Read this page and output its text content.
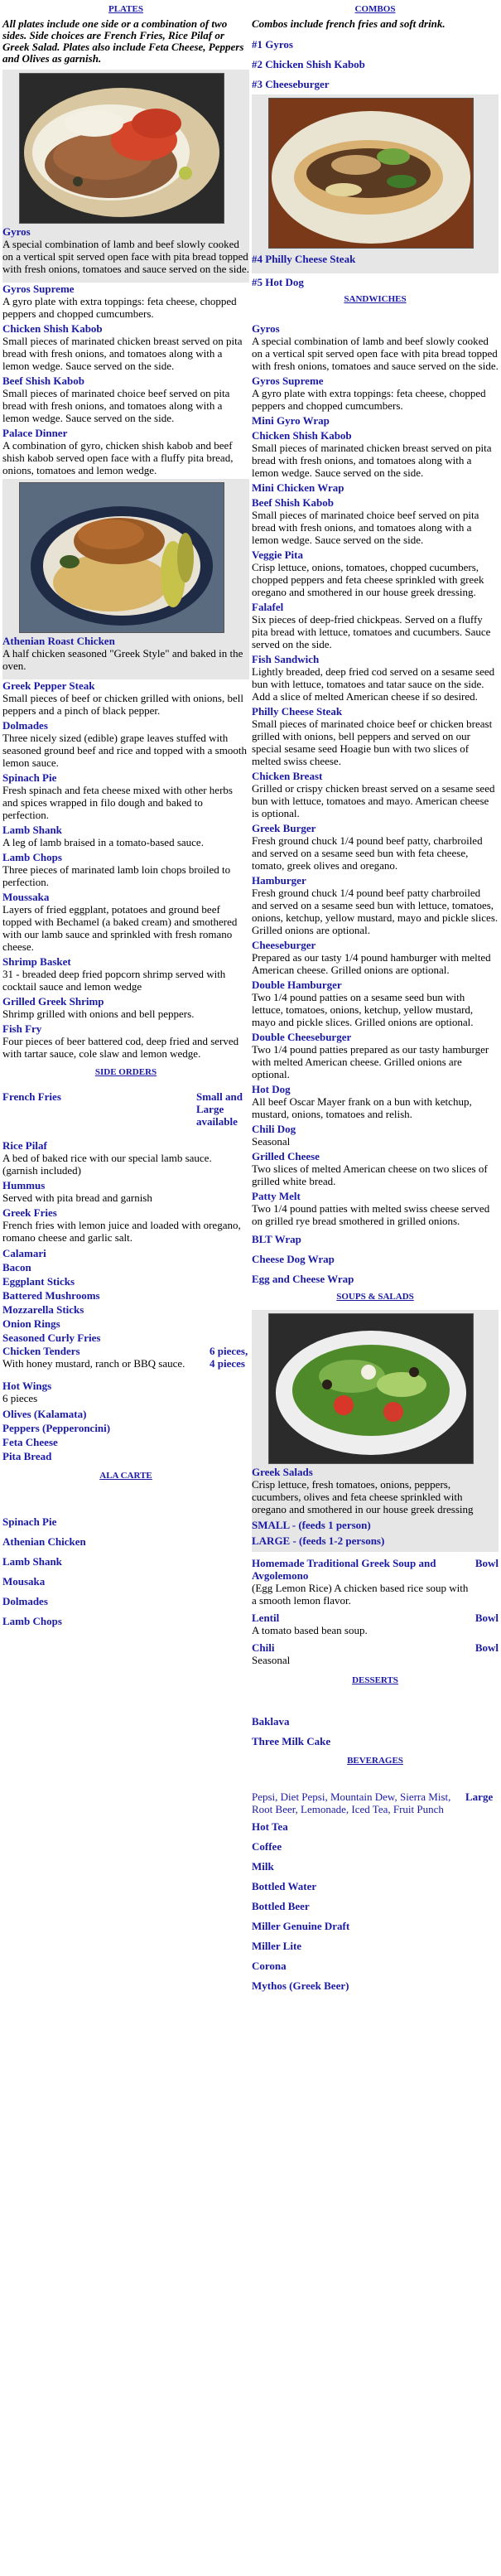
PLATES
All plates include one side or a combination of two sides. Side choices are French Fries, Rice Pilaf or Greek Salad. Plates also include Feta Cheese, Peppers and Olives as garnish.
Gyros
A special combination of lamb and beef slowly cooked on a vertical spit served open face with pita bread topped with fresh onions, tomatoes and sauce served on the side.
Gyros Supreme
A gyro plate with extra toppings: feta cheese, chopped peppers and chopped cumcumbers.
Chicken Shish Kabob
Small pieces of marinated chicken breast served on pita bread with fresh onions, and tomatoes along with a lemon wedge. Sauce served on the side.
Beef Shish Kabob
Small pieces of marinated choice beef served on pita bread with fresh onions, and tomatoes along with a lemon wedge. Sauce served on the side.
Palace Dinner
A combination of gyro, chicken shish kabob and beef shish kabob served open face with a fluffy pita bread, onions, tomatoes and lemon wedge.
Athenian Roast Chicken
A half chicken seasoned "Greek Style" and baked in the oven.
Greek Pepper Steak
Small pieces of beef or chicken grilled with onions, bell peppers and a pinch of black pepper.
Dolmades
Three nicely sized (edible) grape leaves stuffed with seasoned ground beef and rice and topped with a smooth lemon sauce.
Spinach Pie
Fresh spinach and feta cheese mixed with other herbs and spices wrapped in filo dough and baked to perfection.
Lamb Shank
A leg of lamb braised in a tomato-based sauce.
Lamb Chops
Three pieces of marinated lamb loin chops broiled to perfection.
Moussaka
Layers of fried eggplant, potatoes and ground beef topped with Bechamel (a baked cream) and smothered with our lamb sauce and sprinkled with fresh romano cheese.
Shrimp Basket
31 - breaded deep fried popcorn shrimp served with cocktail sauce and lemon wedge
Grilled Greek Shrimp
Shrimp grilled with onions and bell peppers.
Fish Fry
Four pieces of beer battered cod, deep fried and served with tartar sauce, cole slaw and lemon wedge.
SIDE ORDERS
French Fries	Small and Large available
Rice Pilaf
A bed of baked rice with our special lamb sauce. (garnish included)
Hummus
Served with pita bread and garnish
Greek Fries
French fries with lemon juice and loaded with oregano, romano cheese and garlic salt.
Calamari
Bacon
Eggplant Sticks
Battered Mushrooms
Mozzarella Sticks
Onion Rings
Seasoned Curly Fries
Chicken Tenders
With honey mustard, ranch or BBQ sauce.
6 pieces, 4 pieces
Hot Wings
6 pieces
Olives (Kalamata)
Peppers (Pepperoncini)
Feta Cheese
Pita Bread
ALA CARTE
Spinach Pie
Athenian Chicken
Lamb Shank
Mousaka
Dolmades
Lamb Chops
COMBOS
Combos include french fries and soft drink.
#1 Gyros
#2 Chicken Shish Kabob
#3 Cheeseburger
#4 Philly Cheese Steak
#5 Hot Dog
SANDWICHES
Gyros
A special combination of lamb and beef slowly cooked on a vertical spit served open face with pita bread topped with fresh onions, tomatoes and sauce served on the side.
Gyros Supreme
A gyro plate with extra toppings: feta cheese, chopped peppers and chopped cumcumbers.
Mini Gyro Wrap
Chicken Shish Kabob
Small pieces of marinated chicken breast served on pita bread with fresh onions, and tomatoes along with a lemon wedge. Sauce served on the side.
Mini Chicken Wrap
Beef Shish Kabob
Small pieces of marinated choice beef served on pita bread with fresh onions, and tomatoes along with a lemon wedge. Sauce served on the side.
Veggie Pita
Crisp lettuce, onions, tomatoes, chopped cucumbers, chopped peppers and feta cheese sprinkled with greek oregano and smothered in our house greek dressing.
Falafel
Six pieces of deep-fried chickpeas. Served on a fluffy pita bread with lettuce, tomatoes and cucumbers. Sauce served on the side.
Fish Sandwich
Lightly breaded, deep fried cod served on a sesame seed bun with lettuce, tomatoes and tatar sauce on the side. Add a slice of melted American cheese if so desired.
Philly Cheese Steak
Small pieces of marinated choice beef or chicken breast grilled with onions, bell peppers and served on our special sesame seed Hoagie bun with two slices of melted swiss cheese.
Chicken Breast
Grilled or crispy chicken breast served on a sesame seed bun with lettuce, tomatoes and mayo. American cheese is optional.
Greek Burger
Fresh ground chuck 1/4 pound beef patty, charbroiled and served on a sesame seed bun with feta cheese, tomato, greek olives and oregano.
Hamburger
Fresh ground chuck 1/4 pound beef patty charbroiled and served on a sesame seed bun with lettuce, tomatoes, onions, ketchup, yellow mustard, mayo and pickle slices. Grilled onions are optional.
Cheeseburger
Prepared as our tasty 1/4 pound hamburger with melted American cheese. Grilled onions are optional.
Double Hamburger
Two 1/4 pound patties on a sesame seed bun with lettuce, tomatoes, onions, ketchup, yellow mustard, mayo and pickle slices. Grilled onions are optional.
Double Cheeseburger
Two 1/4 pound patties prepared as our tasty hamburger with melted American cheese. Grilled onions are optional.
Hot Dog
All beef Oscar Mayer frank on a bun with ketchup, mustard, onions, tomatoes and relish.
Chili Dog
Seasonal
Grilled Cheese
Two slices of melted American cheese on two slices of grilled white bread.
Patty Melt
Two 1/4 pound patties with melted swiss cheese served on grilled rye bread smothered in grilled onions.
BLT Wrap
Cheese Dog Wrap
Egg and Cheese Wrap
SOUPS & SALADS
Greek Salads
Crisp lettuce, fresh tomatoes, onions, peppers, cucumbers, olives and feta cheese sprinkled with oregano and smothered in our house greek dressing
SMALL - (feeds 1 person)
LARGE - (feeds 1-2 persons)
Homemade Traditional Greek Soup and Avgolemono
(Egg Lemon Rice) A chicken based rice soup with a smooth lemon flavor.
Bowl
Lentil
A tomato based bean soup.
Bowl
Chili
Seasonal
Bowl
DESSERTS
Baklava
Three Milk Cake
BEVERAGES
Pepsi, Diet Pepsi, Mountain Dew, Sierra Mist, Root Beer, Lemonade, Iced Tea, Fruit Punch
Large
Hot Tea
Coffee
Milk
Bottled Water
Bottled Beer
Miller Genuine Draft
Miller Lite
Corona
Mythos (Greek Beer)
